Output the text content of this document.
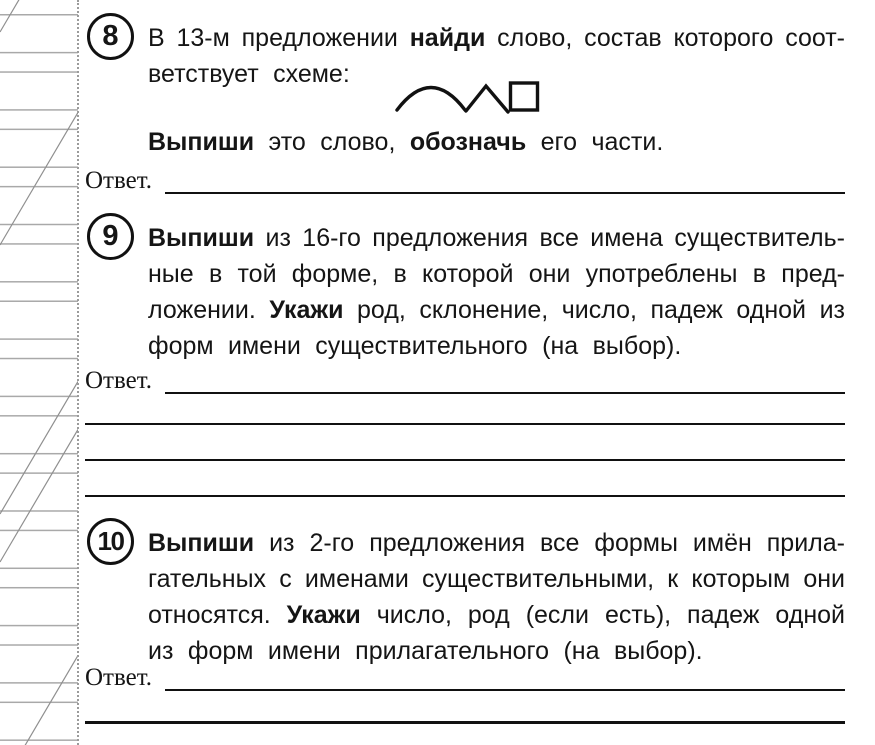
8	В 13-м предложении найди слово, состав которого соот-
ветствует схеме:
Выпиши это слово, обозначь его части.
Ответ.
9	Выпиши из 16-го предложения все имена существитель-
ные в той форме, в которой они употреблены в пред-
ложении. Укажи род, склонение, число, падеж одной из
форм имени существительного (на выбор).
Ответ.
10 Выпиши из 2-го предложения все формы имён прила-
гательных с именами существительными, к которым они
относятся. Укажи число, род (если есть), падеж одной
из форм имени прилагательного (на выбор).
Ответ.
